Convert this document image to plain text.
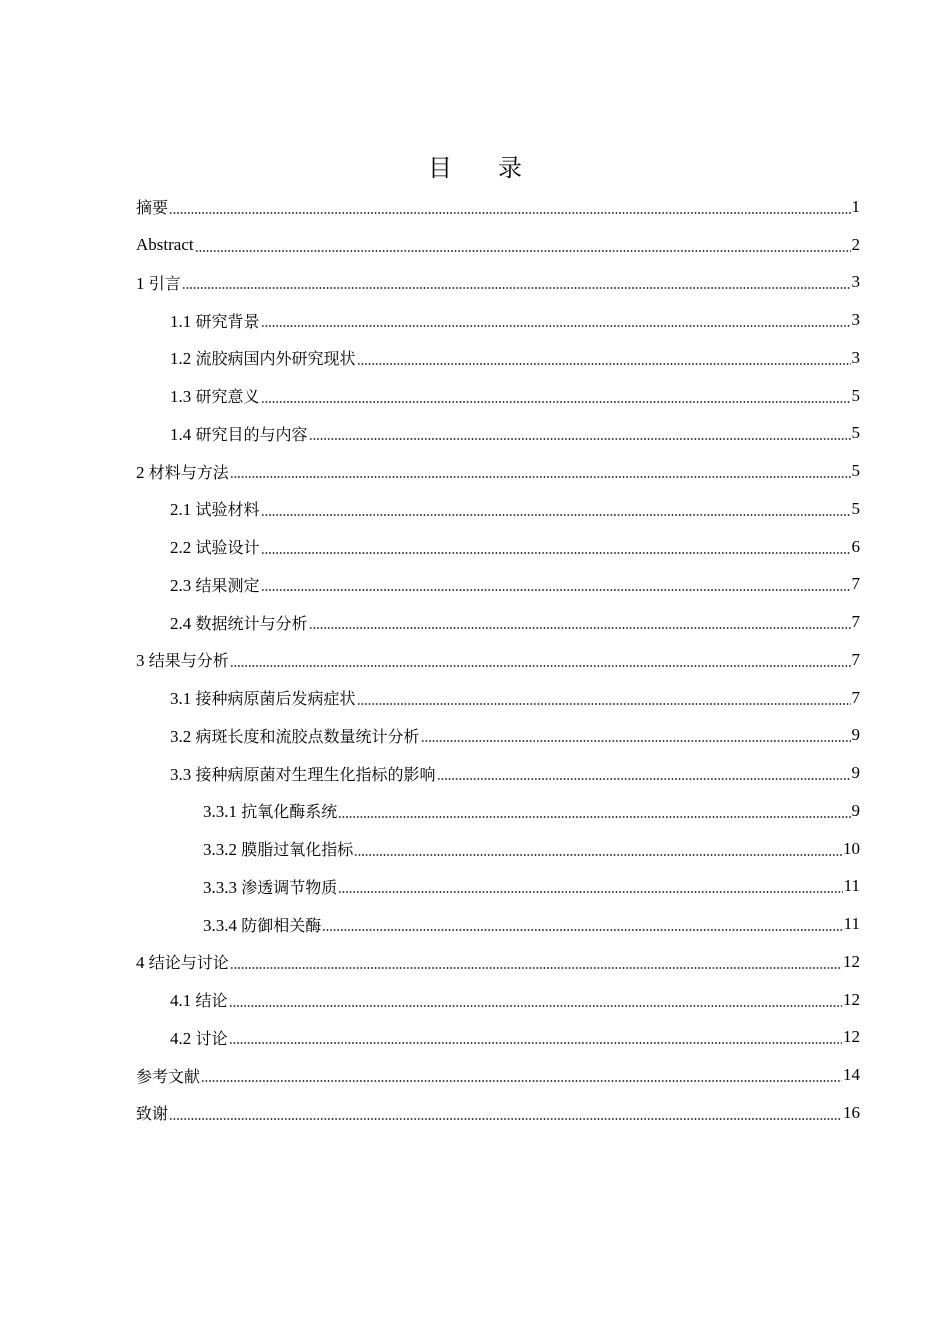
目 录
摘要	1
Abstract	2
1 引言	3
1.1 研究背景	3
1.2 流胶病国内外研究现状	3
1.3 研究意义	5
1.4 研究目的与内容	5
2 材料与方法	5
2.1 试验材料	5
2.2 试验设计	6
2.3 结果测定	7
2.4 数据统计与分析	7
3 结果与分析	7
3.1 接种病原菌后发病症状	7
3.2 病斑长度和流胶点数量统计分析	9
3.3 接种病原菌对生理生化指标的影响	9
3.3.1 抗氧化酶系统	9
3.3.2 膜脂过氧化指标	10
3.3.3 渗透调节物质	11
3.3.4 防御相关酶	11
4 结论与讨论	12
4.1 结论	12
4.2 讨论	12
参考文献	14
致谢	16
